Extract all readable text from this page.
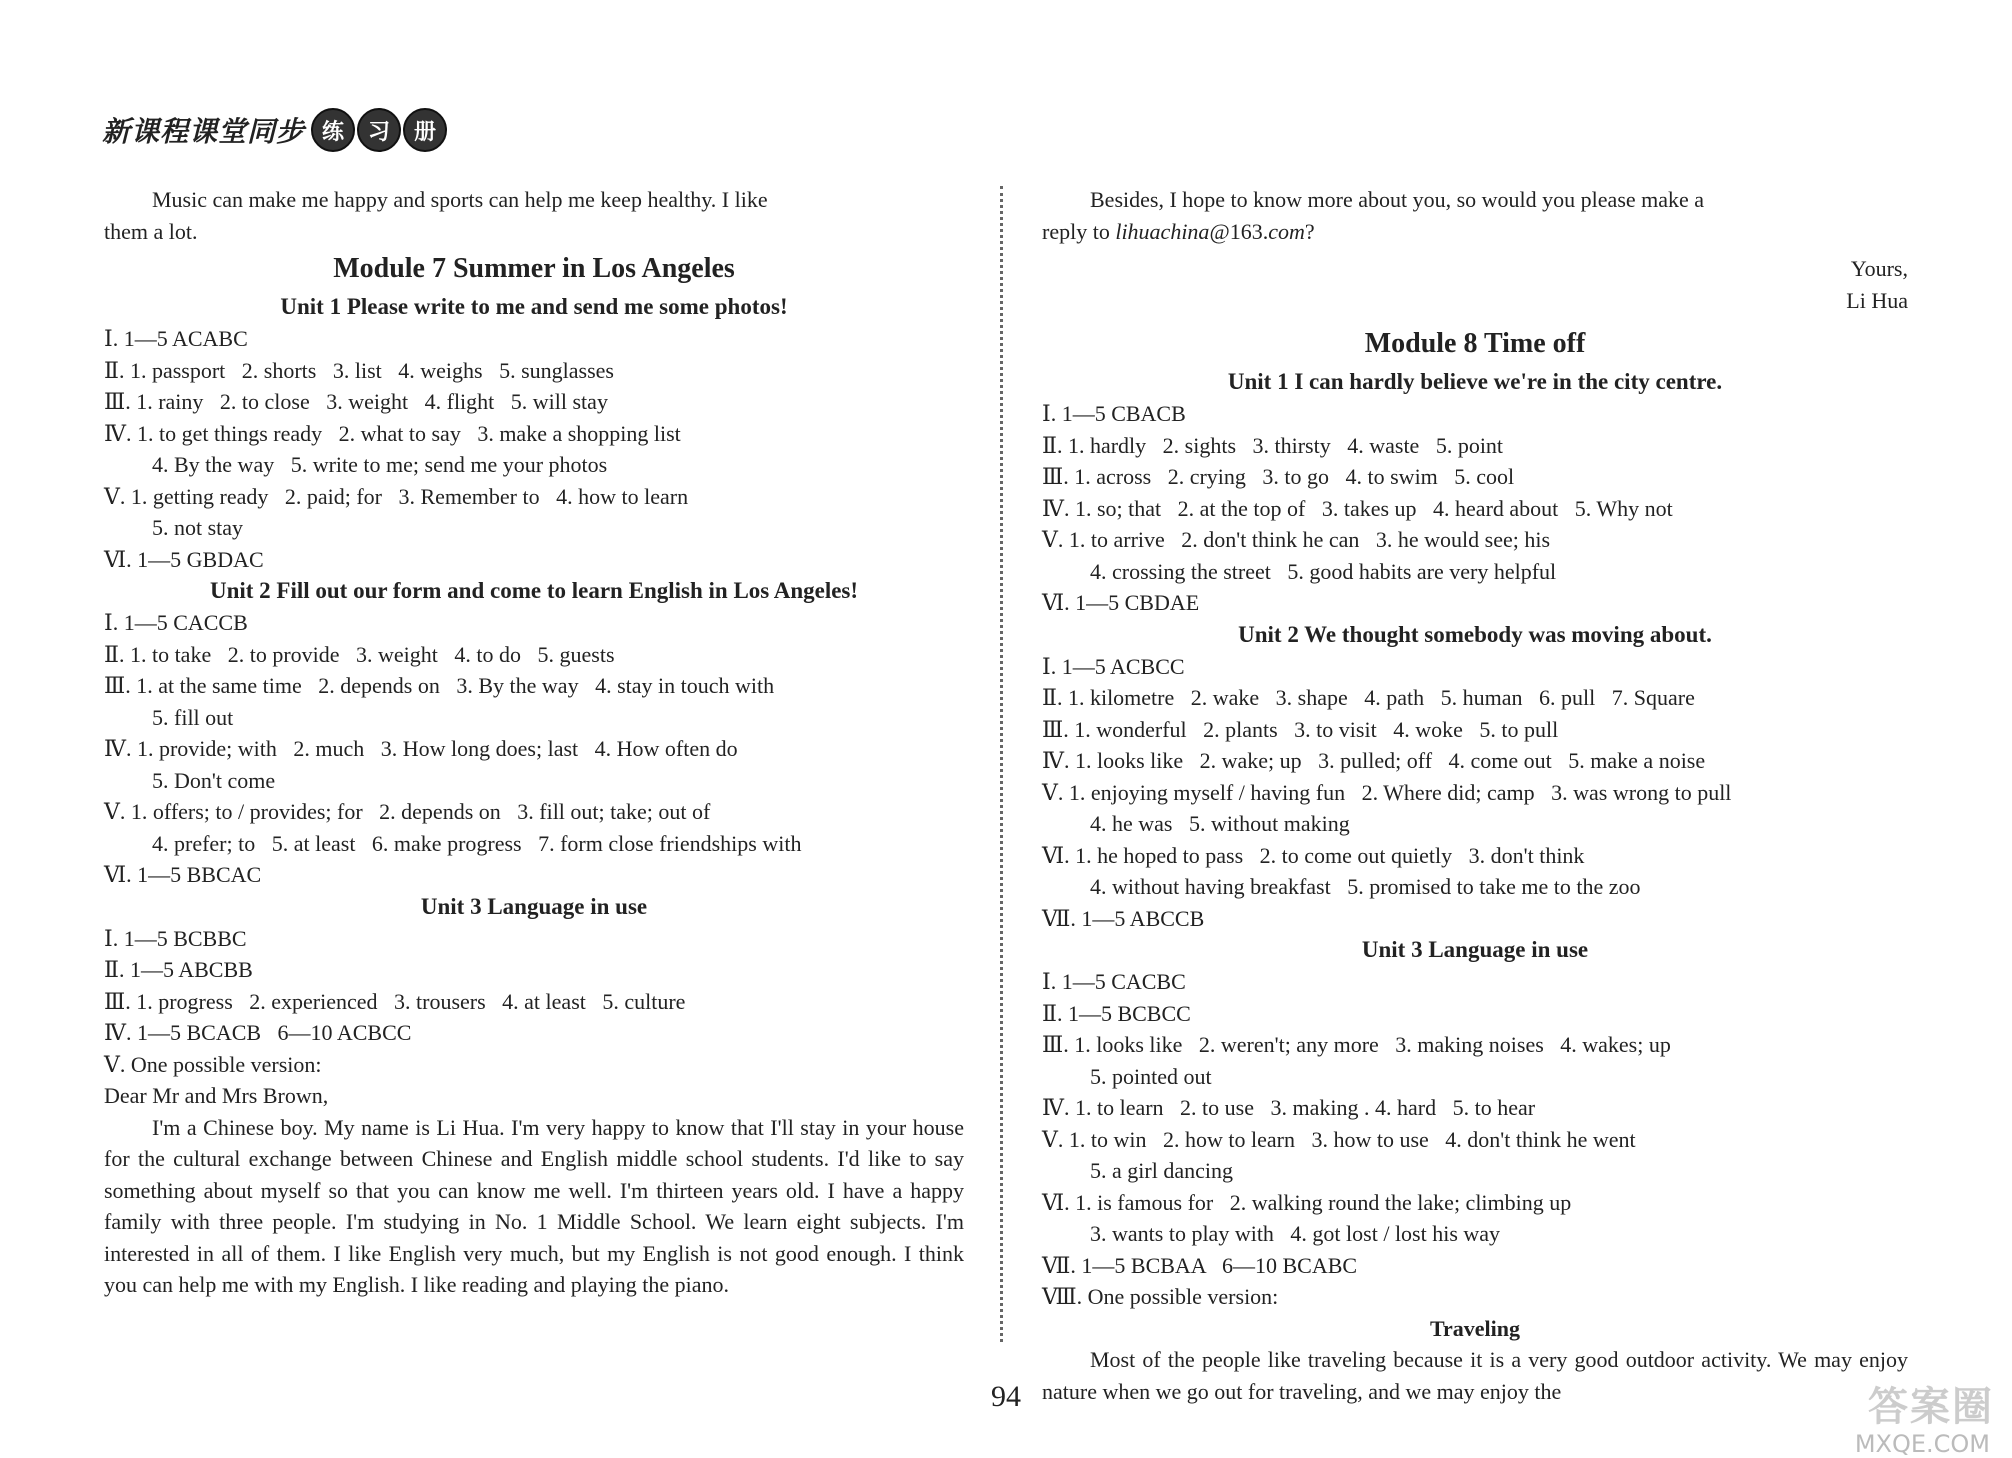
新课程课堂同步 练	习	册
Music can make me happy and sports can help me keep healthy. I like
them a lot.
Module 7 Summer in Los Angeles
Unit 1 Please write to me and send me some photos!
Ⅰ. 1—5 ACABC
Ⅱ. 1. passport   2. shorts   3. list   4. weighs   5. sunglasses
Ⅲ. 1. rainy   2. to close   3. weight   4. flight   5. will stay
Ⅳ. 1. to get things ready   2. what to say   3. make a shopping list
4. By the way   5. write to me; send me your photos
Ⅴ. 1. getting ready   2. paid; for   3. Remember to   4. how to learn
5. not stay
Ⅵ. 1—5 GBDAC
Unit 2 Fill out our form and come to learn English in Los Angeles!
Ⅰ. 1—5 CACCB
Ⅱ. 1. to take   2. to provide   3. weight   4. to do   5. guests
Ⅲ. 1. at the same time   2. depends on   3. By the way   4. stay in touch with
5. fill out
Ⅳ. 1. provide; with   2. much   3. How long does; last   4. How often do
5. Don't come
Ⅴ. 1. offers; to / provides; for   2. depends on   3. fill out; take; out of
4. prefer; to   5. at least   6. make progress   7. form close friendships with
Ⅵ. 1—5 BBCAC
Unit 3 Language in use
Ⅰ. 1—5 BCBBC
Ⅱ. 1—5 ABCBB
Ⅲ. 1. progress   2. experienced   3. trousers   4. at least   5. culture
Ⅳ. 1—5 BCACB   6—10 ACBCC
Ⅴ. One possible version:
Dear Mr and Mrs Brown,
I'm a Chinese boy. My name is Li Hua. I'm very happy to know that I'll stay in your house for the cultural exchange between Chinese and English middle school students. I'd like to say something about myself so that you can know me well. I'm thirteen years old. I have a happy family with three people. I'm studying in No. 1 Middle School. We learn eight subjects. I'm interested in all of them. I like English very much, but my English is not good enough. I think you can help me with my English. I like reading and playing the piano.
Besides, I hope to know more about you, so would you please make a
reply to lihuachina@163.com?
Yours,
Li Hua
Module 8 Time off
Unit 1 I can hardly believe we're in the city centre.
Ⅰ. 1—5 CBACB
Ⅱ. 1. hardly   2. sights   3. thirsty   4. waste   5. point
Ⅲ. 1. across   2. crying   3. to go   4. to swim   5. cool
Ⅳ. 1. so; that   2. at the top of   3. takes up   4. heard about   5. Why not
Ⅴ. 1. to arrive   2. don't think he can   3. he would see; his
4. crossing the street   5. good habits are very helpful
Ⅵ. 1—5 CBDAE
Unit 2 We thought somebody was moving about.
Ⅰ. 1—5 ACBCC
Ⅱ. 1. kilometre   2. wake   3. shape   4. path   5. human   6. pull   7. Square
Ⅲ. 1. wonderful   2. plants   3. to visit   4. woke   5. to pull
Ⅳ. 1. looks like   2. wake; up   3. pulled; off   4. come out   5. make a noise
Ⅴ. 1. enjoying myself / having fun   2. Where did; camp   3. was wrong to pull
4. he was   5. without making
Ⅵ. 1. he hoped to pass   2. to come out quietly   3. don't think
4. without having breakfast   5. promised to take me to the zoo
Ⅶ. 1—5 ABCCB
Unit 3 Language in use
Ⅰ. 1—5 CACBC
Ⅱ. 1—5 BCBCC
Ⅲ. 1. looks like   2. weren't; any more   3. making noises   4. wakes; up
5. pointed out
Ⅳ. 1. to learn   2. to use   3. making . 4. hard   5. to hear
Ⅴ. 1. to win   2. how to learn   3. how to use   4. don't think he went
5. a girl dancing
Ⅵ. 1. is famous for   2. walking round the lake; climbing up
3. wants to play with   4. got lost / lost his way
Ⅶ. 1—5 BCBAA   6—10 BCABC
Ⅷ. One possible version:
Traveling
Most of the people like traveling because it is a very good outdoor activity. We may enjoy nature when we go out for traveling, and we may enjoy the
94	答案圈
MXQE.COM
